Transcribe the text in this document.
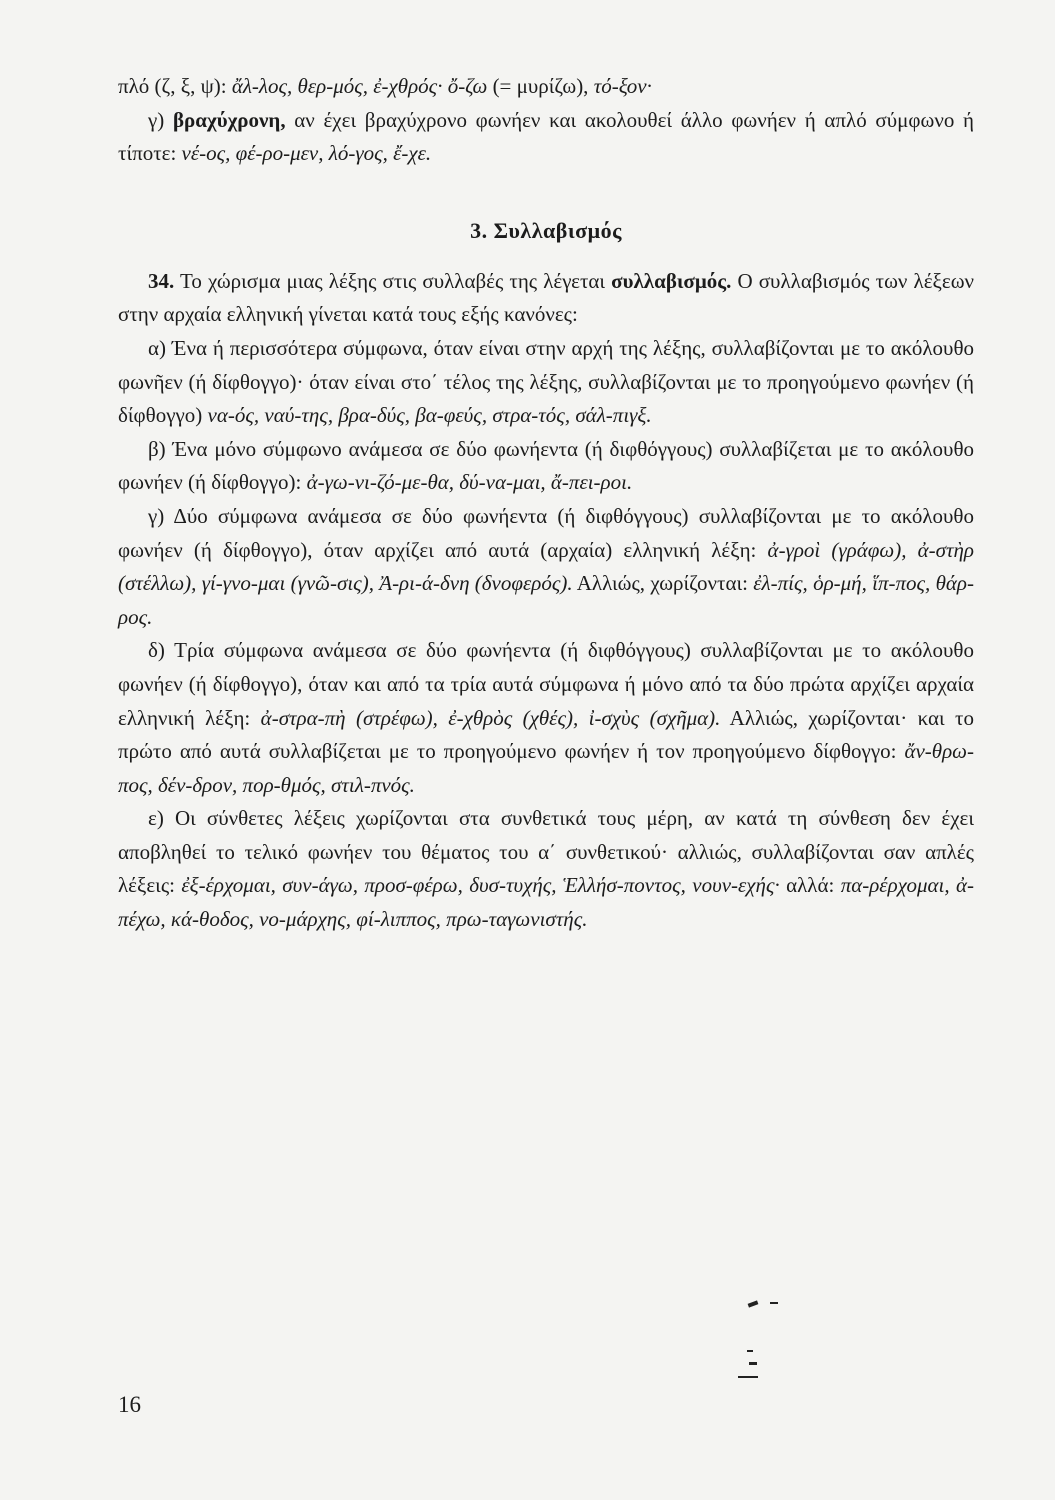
πλό (ζ, ξ, ψ): ἄλ-λος, θερ-μός, ἐ-χθρός· ὄ-ζω (= μυρίζω), τό-ξον·

γ) βραχύχρονη, αν έχει βραχύχρονο φωνήεν και ακολουθεί άλλο φωνήεν ή απλό σύμφωνο ή τίποτε: νέ-ος, φέ-ρο-μεν, λό-γος, ἔ-χε.

3. Συλλαβισμός

34. Το χώρισμα μιας λέξης στις συλλαβές της λέγεται συλλαβισμός. Ο συλλαβισμός των λέξεων στην αρχαία ελληνική γίνεται κατά τους εξής κανόνες:

α) Ένα ή περισσότερα σύμφωνα, όταν είναι στην αρχή της λέξης, συλλαβίζονται με το ακόλουθο φωνῆεν (ή δίφθογγο)· όταν είναι στο΄ τέλος της λέξης, συλλαβίζονται με το προηγούμενο φωνήεν (ή δίφθογγο) να-ός, ναύ-της, βρα-δύς, βα-φεύς, στρα-τός, σάλ-πιγξ.

β) Ένα μόνο σύμφωνο ανάμεσα σε δύο φωνήεντα (ή διφθόγγους) συλλαβίζεται με το ακόλουθο φωνήεν (ή δίφθογγο): ἀ-γω-νι-ζό-με-θα, δύ-να-μαι, ἄ-πει-ροι.

γ) Δύο σύμφωνα ανάμεσα σε δύο φωνήεντα (ή διφθόγγους) συλλαβίζονται με το ακόλουθο φωνήεν (ή δίφθογγο), όταν αρχίζει από αυτά (αρχαία) ελληνική λέξη: ἀ-γροὶ (γράφω), ἀ-στὴρ (στέλλω), γί-γνο-μαι (γνῶ-σις), Ἀ-ρι-ά-δνη (δνοφερός). Αλλιώς, χωρίζονται: ἐλ-πίς, ὁρ-μή, ἵπ-πος, θάρ-ρος.

δ) Τρία σύμφωνα ανάμεσα σε δύο φωνήεντα (ή διφθόγγους) συλλαβίζονται με το ακόλουθο φωνήεν (ή δίφθογγο), όταν και από τα τρία αυτά σύμφωνα ή μόνο από τα δύο πρώτα αρχίζει αρχαία ελληνική λέξη: ἀ-στρα-πὴ (στρέφω), ἐ-χθρὸς (χθές), ἰ-σχὺς (σχῆμα). Αλλιώς, χωρίζονται· και το πρώτο από αυτά συλλαβίζεται με το προηγούμενο φωνήεν ή τον προηγούμενο δίφθογγο: ἄν-θρω-πος, δέν-δρον, πορ-θμός, στιλ-πνός.

ε) Οι σύνθετες λέξεις χωρίζονται στα συνθετικά τους μέρη, αν κατά τη σύνθεση δεν έχει αποβληθεί το τελικό φωνήεν του θέματος του α΄ συνθετικού· αλλιώς, συλλαβίζονται σαν απλές λέξεις: ἐξ-έρχομαι, συν-άγω, προσ-φέρω, δυσ-τυχής, Ἑλλήσ-ποντος, νουν-εχής· αλλά: πα-ρέρχομαι, ἀ-πέχω, κά-θοδος, νο-μάρχης, φί-λιππος, πρω-ταγωνιστής.

16
